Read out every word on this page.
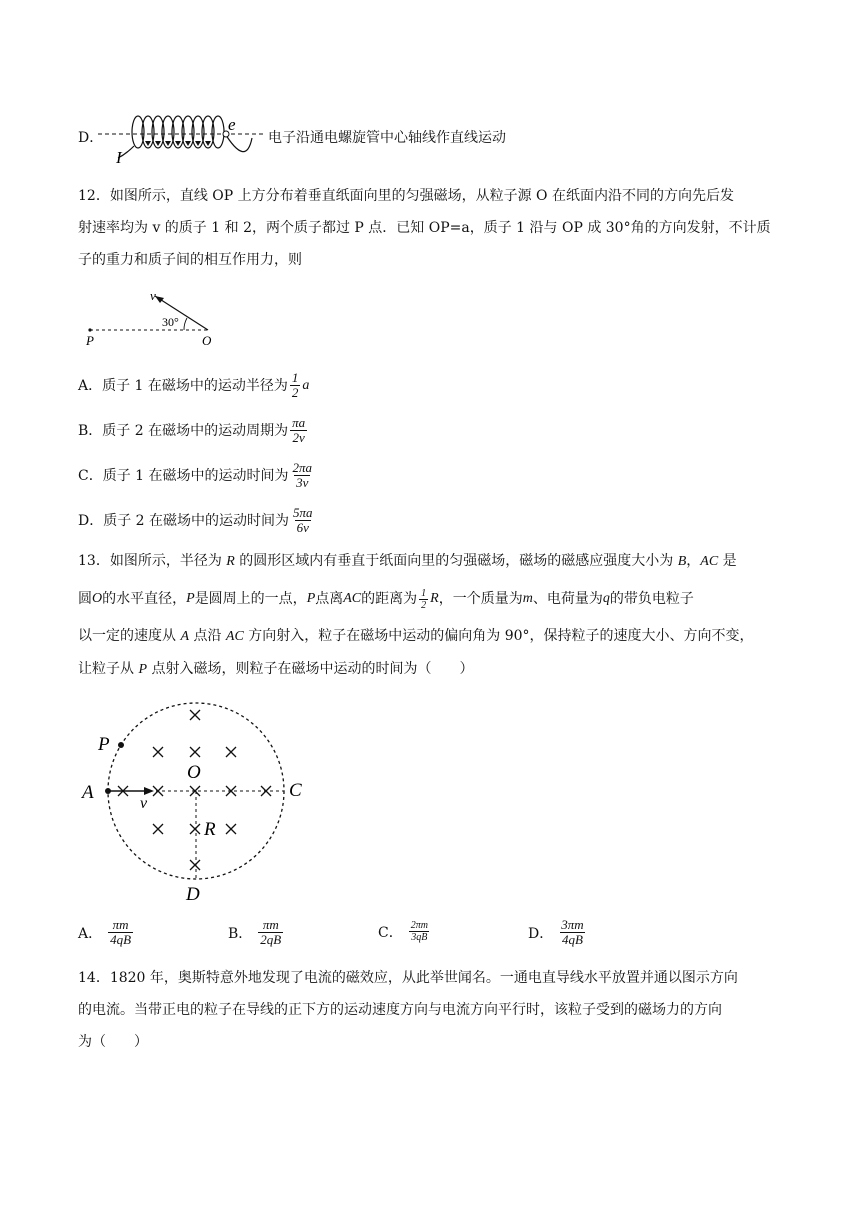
D．
e
I
电子沿通电螺旋管中心轴线作直线运动
12．如图所示，直线 OP 上方分布着垂直纸面向里的匀强磁场，从粒子源 O 在纸面内沿不同的方向先后发
射速率均为 v 的质子 1 和 2，两个质子都过 P 点．已知 OP=a，质子 1 沿与 OP 成 30°角的方向发射，不计质
子的重力和质子间的相互作用力，则
v
30°
P	O
A．质子 1 在磁场中的运动半径为 $\frac{1}{2}$ a
B．质子 2 在磁场中的运动周期为 $\frac{\pi a}{2v}$
C．质子 1 在磁场中的运动时间为 $\frac{2\pi a}{3v}$
D．质子 2 在磁场中的运动时间为 $\frac{5\pi a}{6v}$
13．如图所示，半径为 R 的圆形区域内有垂直于纸面向里的匀强磁场，磁场的磁感应强度大小为 B，AC 是
圆 O 的水平直径， P 是圆周上的一点， P 点离 AC 的距离为 $\frac{1}{2}$ R ，一个质量为 m 、电荷量为 q 的带负电粒子
以一定的速度从 A 点沿 AC 方向射入，粒子在磁场中运动的偏向角为 90°，保持粒子的速度大小、方向不变，
让粒子从 P 点射入磁场，则粒子在磁场中运动的时间为（　　）
v
P
A	C
O
R
D
A． $\frac{\pi m}{4qB}$	B． $\frac{\pi m}{2qB}$	C． $\frac{2\pi m}{3qB}$	D． $\frac{3\pi m}{4qB}$
14．1820 年，奥斯特意外地发现了电流的磁效应，从此举世闻名。一通电直导线水平放置并通以图示方向
的电流。当带正电的粒子在导线的正下方的运动速度方向与电流方向平行时，该粒子受到的磁场力的方向
为（　　）
